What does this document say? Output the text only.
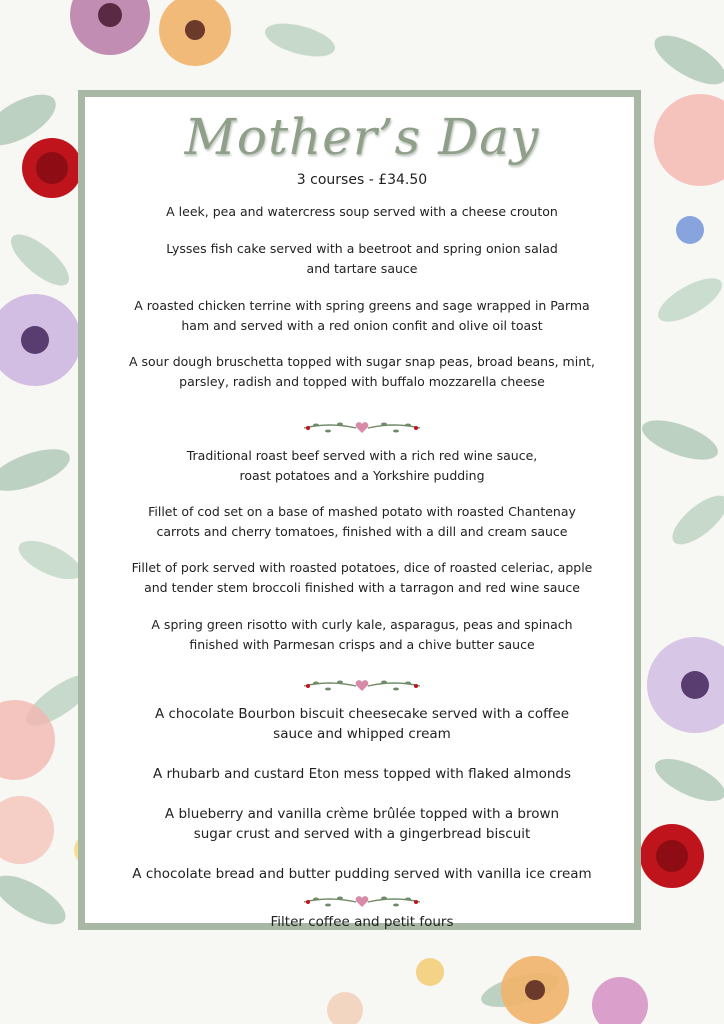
Mother’s Day
3 courses - £34.50
A leek, pea and watercress soup served with a cheese crouton
Lysses fish cake served with a beetroot and spring onion salad
and tartare sauce
A roasted chicken terrine with spring greens and sage wrapped in Parma
ham and served with a red onion confit and olive oil toast
A sour dough bruschetta topped with sugar snap peas, broad beans, mint,
parsley, radish and topped with buffalo mozzarella cheese
Traditional roast beef served with a rich red wine sauce,
roast potatoes and a Yorkshire pudding
Fillet of cod set on a base of mashed potato with roasted Chantenay
carrots and cherry tomatoes, finished with a dill and cream sauce
Fillet of pork served with roasted potatoes, dice of roasted celeriac, apple
and tender stem broccoli finished with a tarragon and red wine sauce
A spring green risotto with curly kale, asparagus, peas and spinach
finished with Parmesan crisps and a chive butter sauce
A chocolate Bourbon biscuit cheesecake served with a coffee
sauce and whipped cream
A rhubarb and custard Eton mess topped with flaked almonds
A blueberry and vanilla crème brûlée topped with a brown
sugar crust and served with a gingerbread biscuit
A chocolate bread and butter pudding served with vanilla ice cream
Filter coffee and petit fours
